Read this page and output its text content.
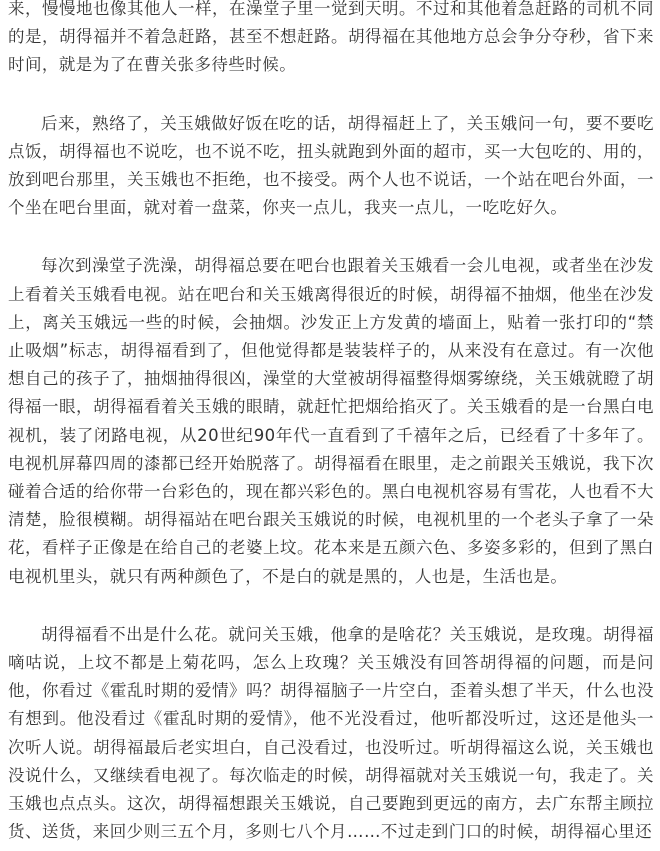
来，慢慢地也像其他人一样，在澡堂子里一觉到天明。不过和其他着急赶路的司机不同的是，胡得福并不着急赶路，甚至不想赶路。胡得福在其他地方总会争分夺秒，省下来时间，就是为了在曹关张多待些时候。

后来，熟络了，关玉娥做好饭在吃的话，胡得福赶上了，关玉娥问一句，要不要吃点饭，胡得福也不说吃，也不说不吃，扭头就跑到外面的超市，买一大包吃的、用的，放到吧台那里，关玉娥也不拒绝，也不接受。两个人也不说话，一个站在吧台外面，一个坐在吧台里面，就对着一盘菜，你夹一点儿，我夹一点儿，一吃吃好久。

每次到澡堂子洗澡，胡得福总要在吧台也跟着关玉娥看一会儿电视，或者坐在沙发上看着关玉娥看电视。站在吧台和关玉娥离得很近的时候，胡得福不抽烟，他坐在沙发上，离关玉娥远一些的时候，会抽烟。沙发正上方发黄的墙面上，贴着一张打印的“禁止吸烟”标志，胡得福看到了，但他觉得都是装装样子的，从来没有在意过。有一次他想自己的孩子了，抽烟抽得很凶，澡堂的大堂被胡得福整得烟雾缭绕，关玉娥就瞪了胡得福一眼，胡得福看着关玉娥的眼睛，就赶忙把烟给掐灭了。关玉娥看的是一台黑白电视机，装了闭路电视，从20世纪90年代一直看到了千禧年之后，已经看了十多年了。电视机屏幕四周的漆都已经开始脱落了。胡得福看在眼里，走之前跟关玉娥说，我下次碰着合适的给你带一台彩色的，现在都兴彩色的。黑白电视机容易有雪花，人也看不大清楚，脸很模糊。胡得福站在吧台跟关玉娥说的时候，电视机里的一个老头子拿了一朵花，看样子正像是在给自己的老婆上坟。花本来是五颜六色、多姿多彩的，但到了黑白电视机里头，就只有两种颜色了，不是白的就是黑的，人也是，生活也是。

胡得福看不出是什么花。就问关玉娥，他拿的是啥花？关玉娥说，是玫瑰。胡得福嘀咕说，上坟不都是上菊花吗，怎么上玫瑰？关玉娥没有回答胡得福的问题，而是问他，你看过《霍乱时期的爱情》吗？胡得福脑子一片空白，歪着头想了半天，什么也没有想到。他没看过《霍乱时期的爱情》，他不光没看过，他听都没听过，这还是他头一次听人说。胡得福最后老实坦白，自己没看过，也没听过。听胡得福这么说，关玉娥也没说什么，又继续看电视了。每次临走的时候，胡得福就对关玉娥说一句，我走了。关玉娥也点点头。这次，胡得福想跟关玉娥说，自己要跑到更远的南方，去广东帮主顾拉货、送货，来回少则三五个月，多则七八个月……不过走到门口的时候，胡得福心里还
